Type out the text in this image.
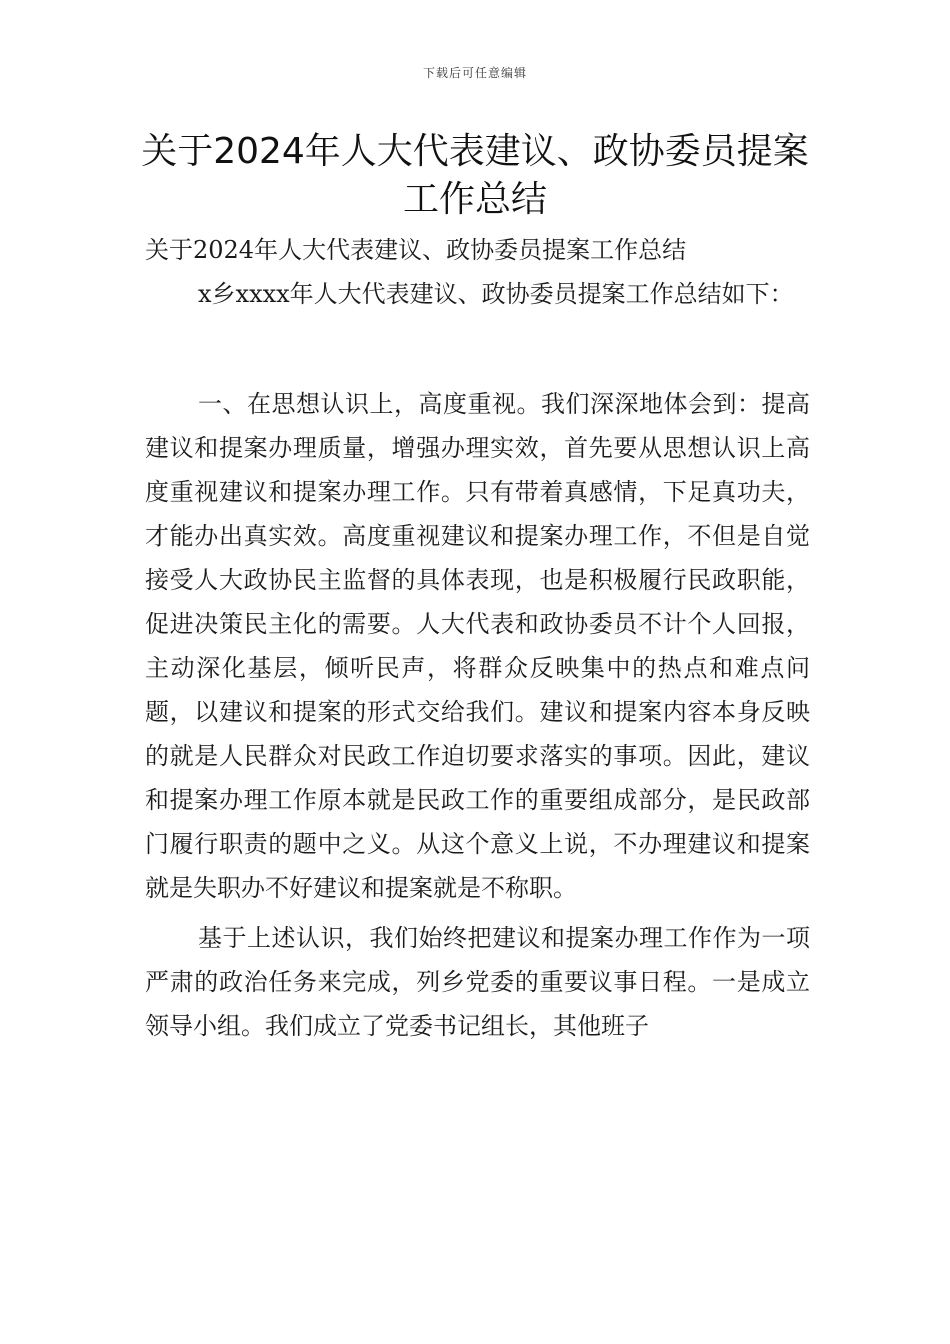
下载后可任意编辑
关于2024年人大代表建议、政协委员提案
工作总结

关于2024年人大代表建议、政协委员提案工作总结

x乡xxxx年人大代表建议、政协委员提案工作总结如下：

一、在思想认识上，高度重视。我们深深地体会到：提高建议和提案办理质量，增强办理实效，首先要从思想认识上高度重视建议和提案办理工作。只有带着真感情，下足真功夫，才能办出真实效。高度重视建议和提案办理工作，不但是自觉接受人大政协民主监督的具体表现，也是积极履行民政职能，促进决策民主化的需要。人大代表和政协委员不计个人回报，主动深化基层，倾听民声，将群众反映集中的热点和难点问题，以建议和提案的形式交给我们。建议和提案内容本身反映的就是人民群众对民政工作迫切要求落实的事项。因此，建议和提案办理工作原本就是民政工作的重要组成部分，是民政部门履行职责的题中之义。从这个意义上说，不办理建议和提案就是失职办不好建议和提案就是不称职。

基于上述认识，我们始终把建议和提案办理工作作为一项严肃的政治任务来完成，列乡党委的重要议事日程。一是成立领导小组。我们成立了党委书记组长，其他班子
